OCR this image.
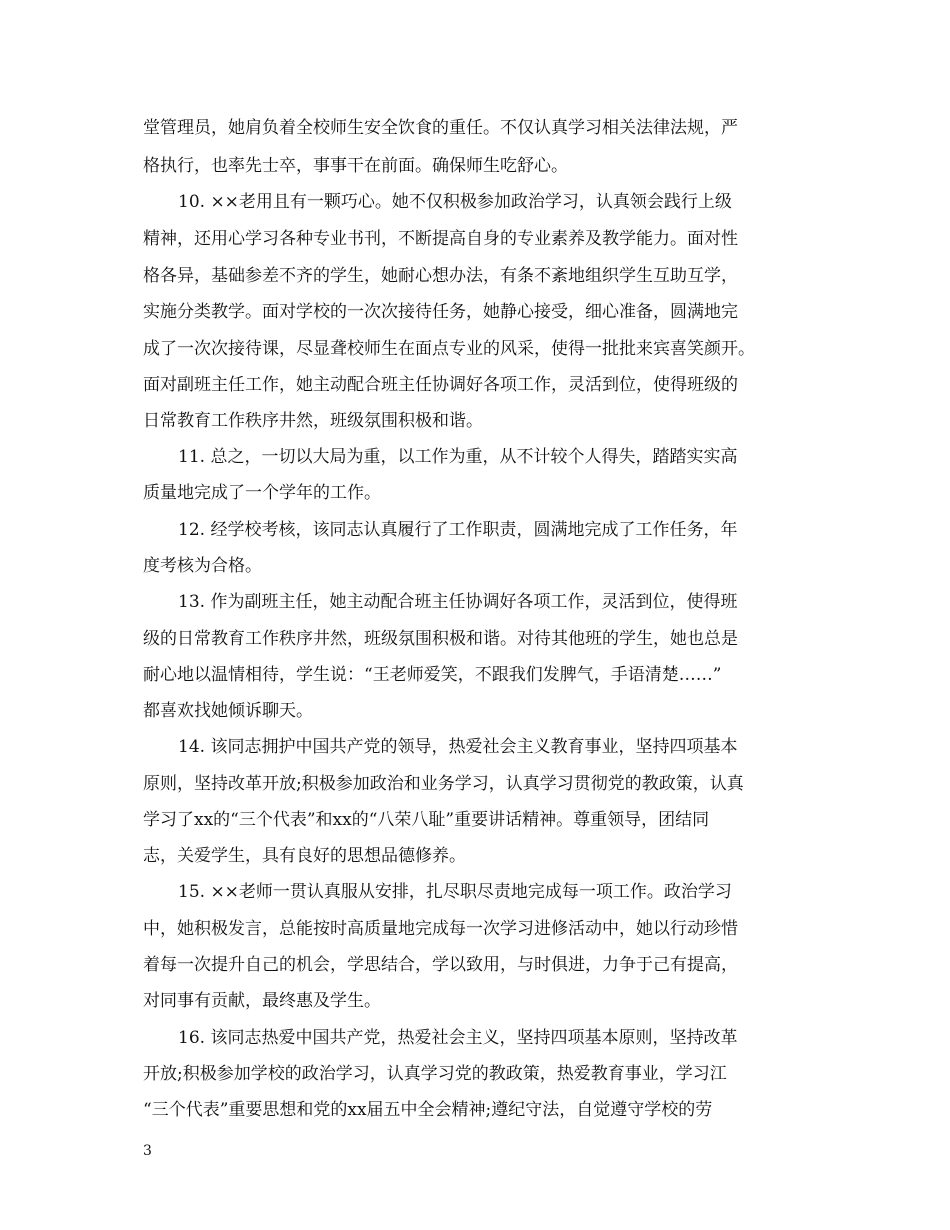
堂管理员，她肩负着全校师生安全饮食的重任。不仅认真学习相关法律法规，严

格执行，也率先士卒，事事干在前面。确保师生吃舒心。

10. ××老用且有一颗巧心。她不仅积极参加政治学习，认真领会践行上级

精神，还用心学习各种专业书刊，不断提高自身的专业素养及教学能力。面对性

格各异，基础参差不齐的学生，她耐心想办法，有条不紊地组织学生互助互学，

实施分类教学。面对学校的一次次接待任务，她静心接受，细心准备，圆满地完

成了一次次接待课，尽显聋校师生在面点专业的风采，使得一批批来宾喜笑颜开。

面对副班主任工作，她主动配合班主任协调好各项工作，灵活到位，使得班级的

日常教育工作秩序井然，班级氛围积极和谐。

11. 总之，一切以大局为重，以工作为重，从不计较个人得失，踏踏实实高

质量地完成了一个学年的工作。

12. 经学校考核，该同志认真履行了工作职责，圆满地完成了工作任务，年

度考核为合格。

13. 作为副班主任，她主动配合班主任协调好各项工作，灵活到位，使得班

级的日常教育工作秩序井然，班级氛围积极和谐。对待其他班的学生，她也总是

耐心地以温情相待，学生说：“王老师爱笑，不跟我们发脾气，手语清楚……”

都喜欢找她倾诉聊天。

14. 该同志拥护中国共产党的领导，热爱社会主义教育事业，坚持四项基本

原则，坚持改革开放;积极参加政治和业务学习，认真学习贯彻党的教政策，认真

学习了xx的“三个代表”和xx的“八荣八耻”重要讲话精神。尊重领导，团结同

志，关爱学生，具有良好的思想品德修养。

15. ××老师一贯认真服从安排，扎尽职尽责地完成每一项工作。政治学习

中，她积极发言，总能按时高质量地完成每一次学习进修活动中，她以行动珍惜

着每一次提升自己的机会，学思结合，学以致用，与时俱进，力争于己有提高，

对同事有贡献，最终惠及学生。

16. 该同志热爱中国共产党，热爱社会主义，坚持四项基本原则，坚持改革

开放;积极参加学校的政治学习，认真学习党的教政策，热爱教育事业，学习江

“三个代表”重要思想和党的xx届五中全会精神;遵纪守法，自觉遵守学校的劳

3
